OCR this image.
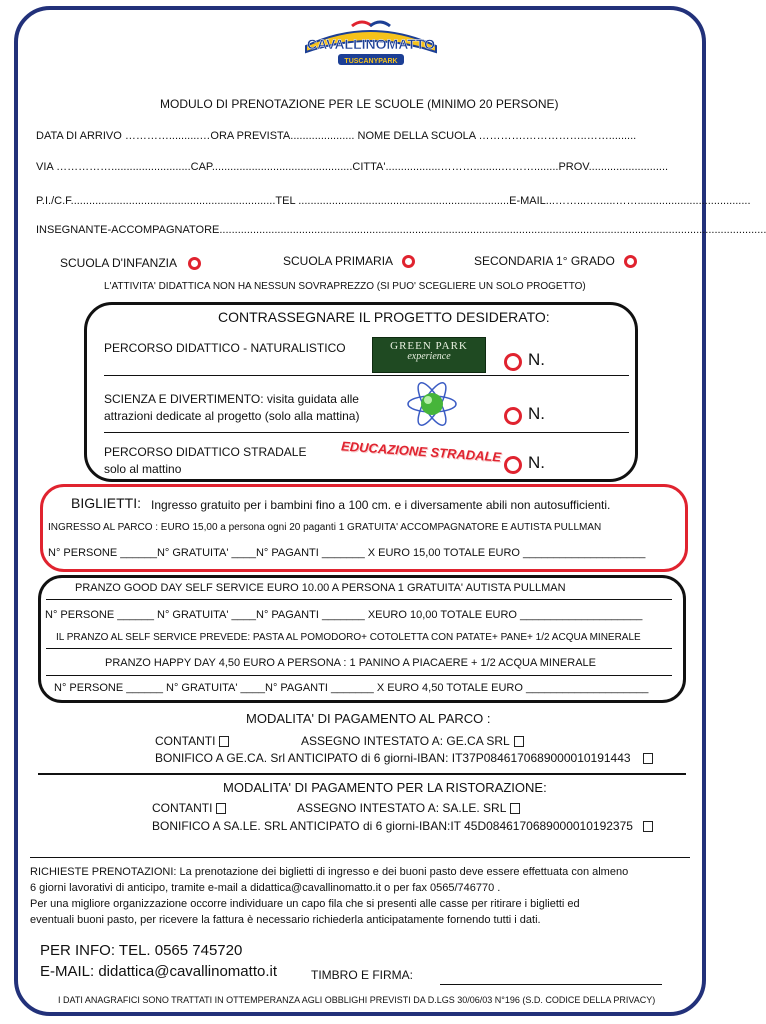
CAVALLINOMATTO
TUSCANYPARK
MODULO DI PRENOTAZIONE PER LE SCUOLE (MINIMO 20 PERSONE)
DATA DI ARRIVO …………..........…ORA PREVISTA..................... NOME DELLA SCUOLA ………….……………..…….........
VIA ……………..........................CAP..............................................CITTA'..................……….........………........PROV..........................
P.I./C.F...................................................................TEL .....................................................................E-MAIL...……...…......…….....................................
INSEGNANTE-ACCOMPAGNATORE...................................................................................................................................................................................
SCUOLA D'INFANZIA	SCUOLA PRIMARIA	SECONDARIA 1° GRADO
L'ATTIVITA' DIDATTICA NON HA NESSUN SOVRAPREZZO (SI PUO' SCEGLIERE UN SOLO PROGETTO)
CONTRASSEGNARE IL PROGETTO DESIDERATO:
PERCORSO DIDATTICO - NATURALISTICO	GREEN PARK
experience	N.
SCIENZA E DIVERTIMENTO: visita guidata alle
attrazioni dedicate al progetto (solo alla mattina)	N.
PERCORSO DIDATTICO STRADALE
solo al mattino
EDUCAZIONE STRADALE N.
BIGLIETTI: Ingresso gratuito per i bambini fino a 100 cm. e i diversamente abili non autosufficienti.
INGRESSO AL PARCO : EURO 15,00 a persona ogni 20 paganti 1 GRATUITA' ACCOMPAGNATORE E AUTISTA PULLMAN
N° PERSONE ______N° GRATUITA' ____N° PAGANTI _______ X EURO 15,00 TOTALE EURO ____________________
PRANZO GOOD DAY SELF SERVICE EURO 10.00 A PERSONA 1 GRATUITA' AUTISTA PULLMAN
N° PERSONE ______ N° GRATUITA' ____N° PAGANTI _______ XEURO 10,00 TOTALE EURO ____________________
IL PRANZO AL SELF SERVICE PREVEDE: PASTA AL POMODORO+ COTOLETTA CON PATATE+ PANE+ 1/2 ACQUA MINERALE
PRANZO HAPPY DAY 4,50 EURO A PERSONA : 1 PANINO A PIACAERE + 1/2 ACQUA MINERALE
N° PERSONE ______ N° GRATUITA' ____N° PAGANTI _______ X EURO 4,50 TOTALE EURO ____________________
MODALITA' DI PAGAMENTO AL PARCO :
CONTANTI	ASSEGNO INTESTATO A: GE.CA SRL
BONIFICO A GE.CA. Srl ANTICIPATO di 6 giorni-IBAN: IT37P0846170689000010191443
MODALITA' DI PAGAMENTO PER LA RISTORAZIONE:
CONTANTI	ASSEGNO INTESTATO A: SA.LE. SRL
BONIFICO A SA.LE. SRL ANTICIPATO di 6 giorni-IBAN:IT 45D0846170689000010192375
RICHIESTE PRENOTAZIONI: La prenotazione dei biglietti di ingresso e dei buoni pasto deve essere effettuata con almeno
6 giorni lavorativi di anticipo, tramite e-mail a didattica@cavallinomatto.it o per fax 0565/746770 .
Per una migliore organizzazione occorre individuare un capo fila che si presenti alle casse per ritirare i biglietti ed
eventuali buoni pasto, per ricevere la fattura è necessario richiederla anticipatamente fornendo tutti i dati.
PER INFO: TEL. 0565 745720
E-MAIL: didattica@cavallinomatto.it	TIMBRO E FIRMA:
I DATI ANAGRAFICI SONO TRATTATI IN OTTEMPERANZA AGLI OBBLIGHI PREVISTI DA D.LGS 30/06/03 N°196 (S.D. CODICE DELLA PRIVACY)
